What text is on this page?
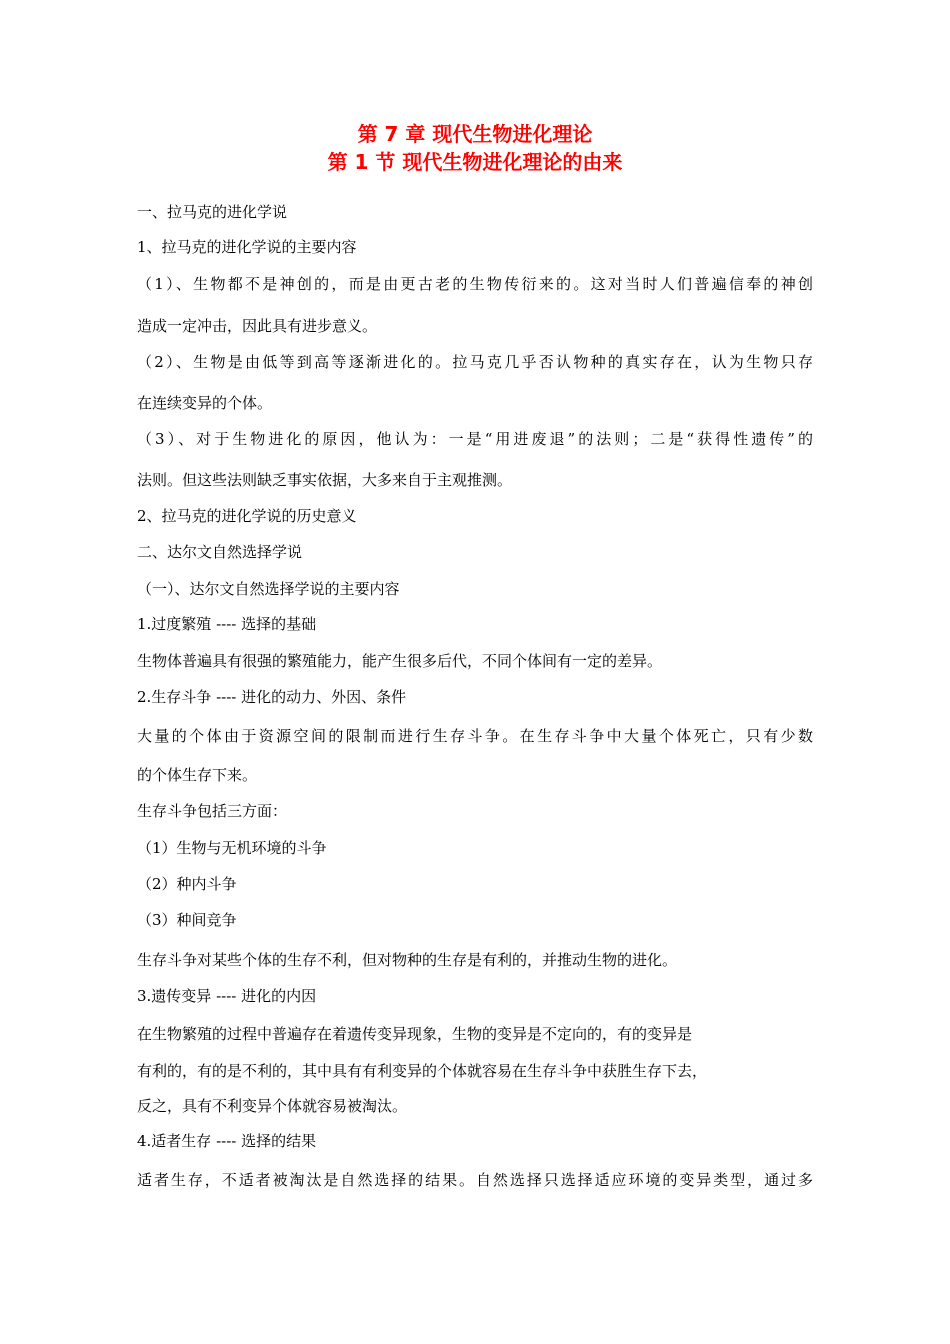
第 7 章 现代生物进化理论
第 1 节 现代生物进化理论的由来
一、拉马克的进化学说
1、拉马克的进化学说的主要内容
（1）、生物都不是神创的，而是由更古老的生物传衍来的。这对当时人们普遍信奉的神创
造成一定冲击，因此具有进步意义。
（2）、生物是由低等到高等逐渐进化的。拉马克几乎否认物种的真实存在，认为生物只存
在连续变异的个体。
（3）、对于生物进化的原因，他认为：一是“用进废退”的法则；二是“获得性遗传”的
法则。但这些法则缺乏事实依据，大多来自于主观推测。
2、拉马克的进化学说的历史意义
二、达尔文自然选择学说
（一）、达尔文自然选择学说的主要内容
1.过度繁殖 ---- 选择的基础
生物体普遍具有很强的繁殖能力，能产生很多后代，不同个体间有一定的差异。
2.生存斗争 ---- 进化的动力、外因、条件
大量的个体由于资源空间的限制而进行生存斗争。在生存斗争中大量个体死亡，只有少数
的个体生存下来。
生存斗争包括三方面：
（1）生物与无机环境的斗争
（2）种内斗争
（3）种间竞争
生存斗争对某些个体的生存不利，但对物种的生存是有利的，并推动生物的进化。
3.遗传变异 ---- 进化的内因
在生物繁殖的过程中普遍存在着遗传变异现象，生物的变异是不定向的，有的变异是
有利的，有的是不利的，其中具有有利变异的个体就容易在生存斗争中获胜生存下去，
反之，具有不利变异个体就容易被淘汰。
4.适者生存 ---- 选择的结果
适者生存，不适者被淘汰是自然选择的结果。自然选择只选择适应环境的变异类型，通过多
